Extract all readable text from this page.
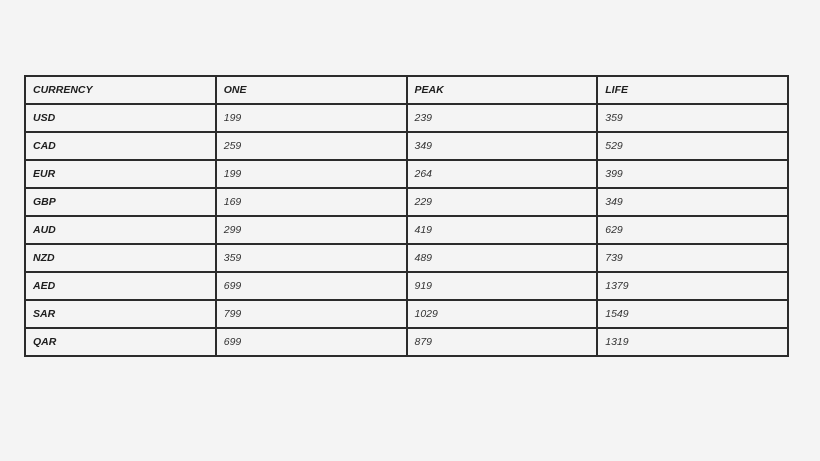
CURRENCY	ONE	PEAK	LIFE
USD	199	239	359
CAD	259	349	529
EUR	199	264	399
GBP	169	229	349
AUD	299	419	629
NZD	359	489	739
AED	699	919	1379
SAR	799	1029	1549
QAR	699	879	1319
